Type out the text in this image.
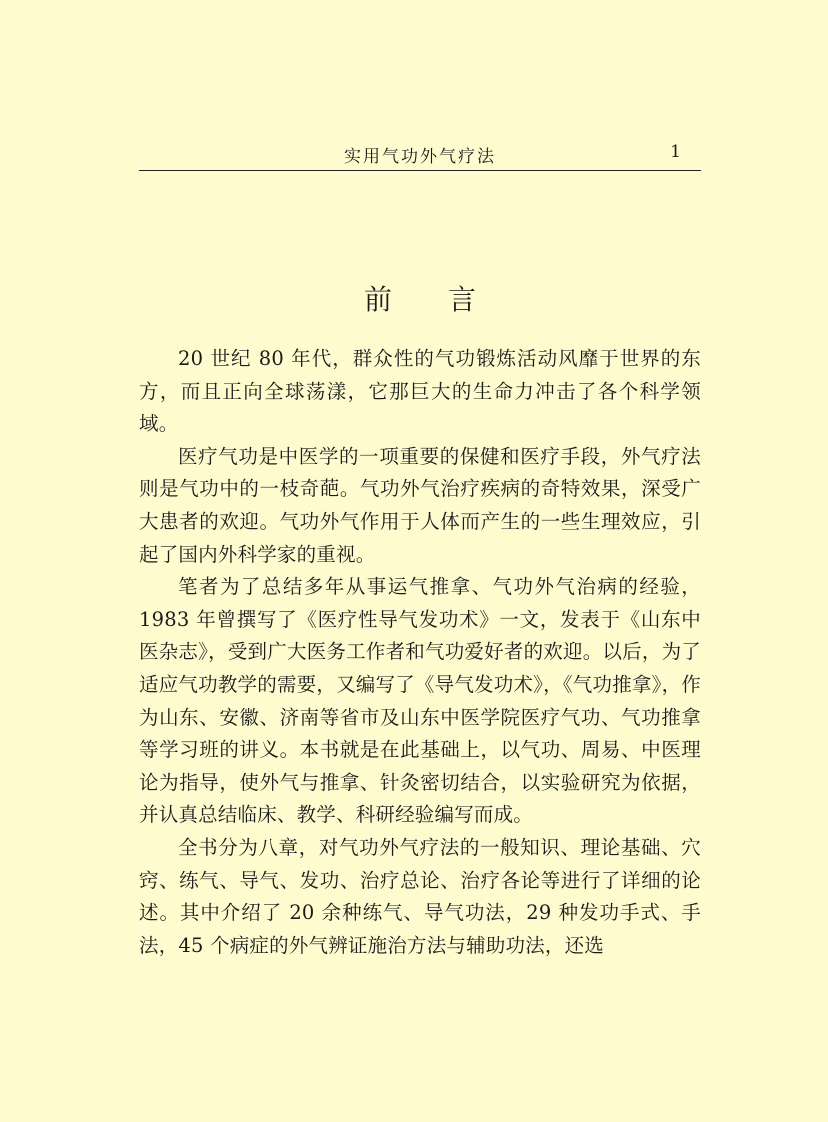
实用气功外气疗法	1
前 言

20 世纪 80 年代，群众性的气功锻炼活动风靡于世界的东方，而且正向全球荡漾，它那巨大的生命力冲击了各个科学领域。

医疗气功是中医学的一项重要的保健和医疗手段，外气疗法则是气功中的一枝奇葩。气功外气治疗疾病的奇特效果，深受广大患者的欢迎。气功外气作用于人体而产生的一些生理效应，引起了国内外科学家的重视。

笔者为了总结多年从事运气推拿、气功外气治病的经验，1983 年曾撰写了《医疗性导气发功术》一文，发表于《山东中医杂志》，受到广大医务工作者和气功爱好者的欢迎。以后，为了适应气功教学的需要，又编写了《导气发功术》，《气功推拿》，作为山东、安徽、济南等省市及山东中医学院医疗气功、气功推拿等学习班的讲义。本书就是在此基础上，以气功、周易、中医理论为指导，使外气与推拿、针灸密切结合，以实验研究为依据，并认真总结临床、教学、科研经验编写而成。

全书分为八章，对气功外气疗法的一般知识、理论基础、穴窍、练气、导气、发功、治疗总论、治疗各论等进行了详细的论述。其中介绍了 20 余种练气、导气功法，29 种发功手式、手法，45 个病症的外气辨证施治方法与辅助功法，还选
